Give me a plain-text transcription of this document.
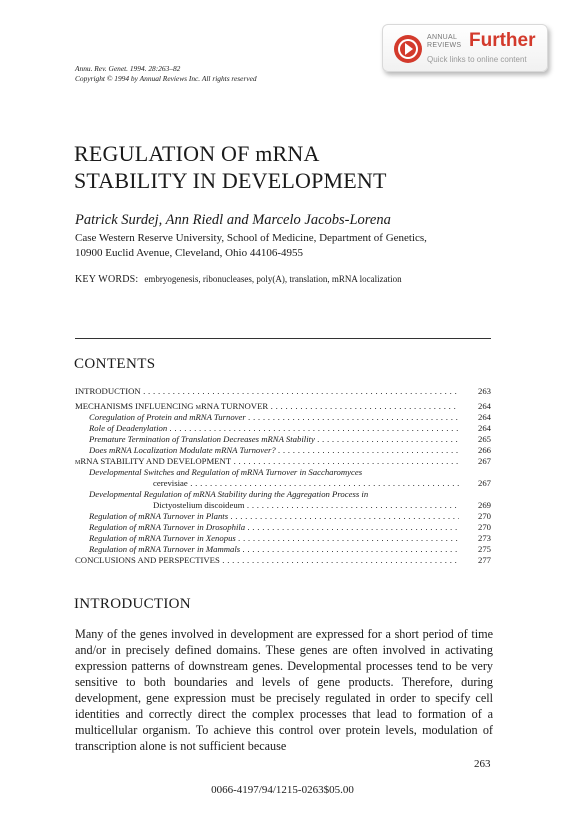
ANNUAL
REVIEWS Further
Quick links to online content
Annu. Rev. Genet. 1994. 28:263–82
Copyright © 1994 by Annual Reviews Inc. All rights reserved
REGULATION OF mRNA
STABILITY IN DEVELOPMENT
Patrick Surdej, Ann Riedl and Marcelo Jacobs-Lorena
Case Western Reserve University, School of Medicine, Department of Genetics,
10900 Euclid Avenue, Cleveland, Ohio 44106-4955
KEY WORDS: embryogenesis, ribonucleases, poly(A), translation, mRNA localization
CONTENTS
INTRODUCTION . . .	263
MECHANISMS INFLUENCING mRNA TURNOVER . . .	264
Coregulation of Protein and mRNA Turnover . . .	264
Role of Deadenylation . . .	264
Premature Termination of Translation Decreases mRNA Stability . . .	265
Does mRNA Localization Modulate mRNA Turnover? . . .	266
mRNA STABILITY AND DEVELOPMENT . . .	267
Developmental Switches and Regulation of mRNA Turnover in Saccharomyces
cerevisiae . . .	267
Developmental Regulation of mRNA Stability during the Aggregation Process in
Dictyostelium discoideum . . .	269
Regulation of mRNA Turnover in Plants . . .	270
Regulation of mRNA Turnover in Drosophila . . .	270
Regulation of mRNA Turnover in Xenopus . . .	273
Regulation of mRNA Turnover in Mammals . . .	275
CONCLUSIONS AND PERSPECTIVES . . .	277
INTRODUCTION
Many of the genes involved in development are expressed for a short period of time and/or in precisely defined domains. These genes are often involved in activating expression patterns of downstream genes. Developmental processes tend to be very sensitive to both boundaries and levels of gene products. Therefore, during development, gene expression must be precisely regulated in order to specify cell identities and correctly direct the complex processes that lead to formation of a multicellular organism. To achieve this control over protein levels, modulation of transcription alone is not sufficient because
263
0066-4197/94/1215-0263$05.00
